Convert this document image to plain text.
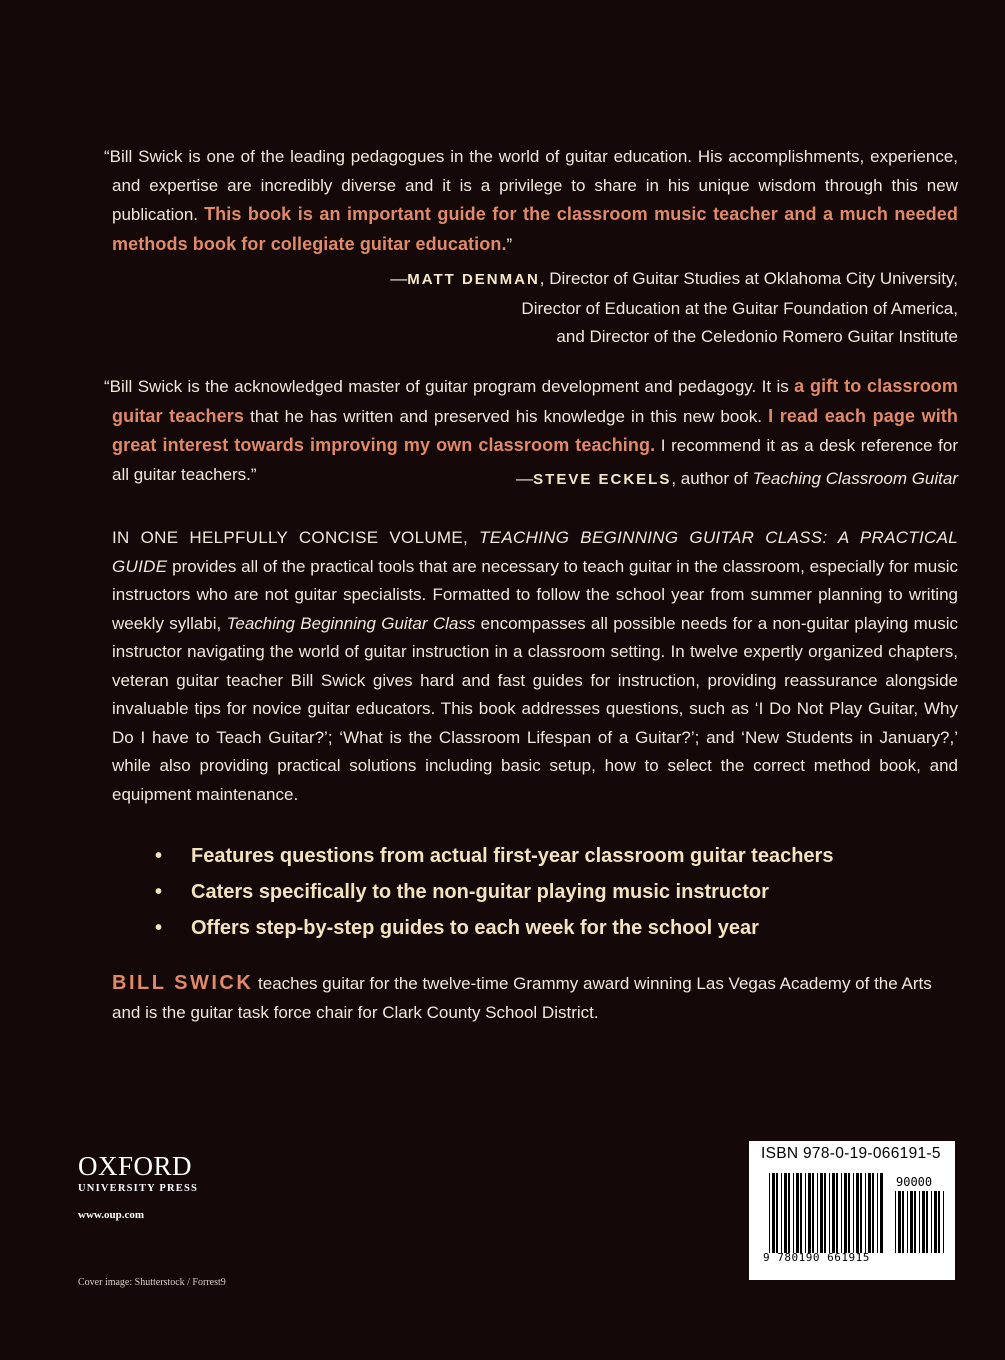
“Bill Swick is one of the leading pedagogues in the world of guitar education. His accomplishments, experience, and expertise are incredibly diverse and it is a privilege to share in his unique wisdom through this new publication. This book is an important guide for the classroom music teacher and a much needed methods book for collegiate guitar education.”

—MATT DENMAN, Director of Guitar Studies at Oklahoma City University,
Director of Education at the Guitar Foundation of America,
and Director of the Celedonio Romero Guitar Institute

“Bill Swick is the acknowledged master of guitar program development and pedagogy. It is a gift to classroom guitar teachers that he has written and preserved his knowledge in this new book. I read each page with great interest towards improving my own classroom teaching. I recommend it as a desk reference for all guitar teachers.”	—STEVE ECKELS, author of Teaching Classroom Guitar

IN ONE HELPFULLY CONCISE VOLUME, TEACHING BEGINNING GUITAR CLASS: A PRACTICAL GUIDE provides all of the practical tools that are necessary to teach guitar in the classroom, especially for music instructors who are not guitar specialists. Formatted to follow the school year from summer planning to writing weekly syllabi, Teaching Beginning Guitar Class encompasses all possible needs for a non-guitar playing music instructor navigating the world of guitar instruction in a classroom setting. In twelve expertly organized chapters, veteran guitar teacher Bill Swick gives hard and fast guides for instruction, providing reassurance alongside invaluable tips for novice guitar educators. This book addresses questions, such as ‘I Do Not Play Guitar, Why Do I have to Teach Guitar?’; ‘What is the Classroom Lifespan of a Guitar?’; and ‘New Students in January?,’ while also providing practical solutions including basic setup, how to select the correct method book, and equipment maintenance.

• Features questions from actual first-year classroom guitar teachers
• Caters specifically to the non-guitar playing music instructor
• Offers step-by-step guides to each week for the school year

BILL SWICK teaches guitar for the twelve-time Grammy award winning Las Vegas Academy of the Arts and is the guitar task force chair for Clark County School District.

OXFORD
UNIVERSITY PRESS
www.oup.com
Cover image: Shutterstock / Forrest9
ISBN 978-0-19-066191-5
90000
9 780190 661915
